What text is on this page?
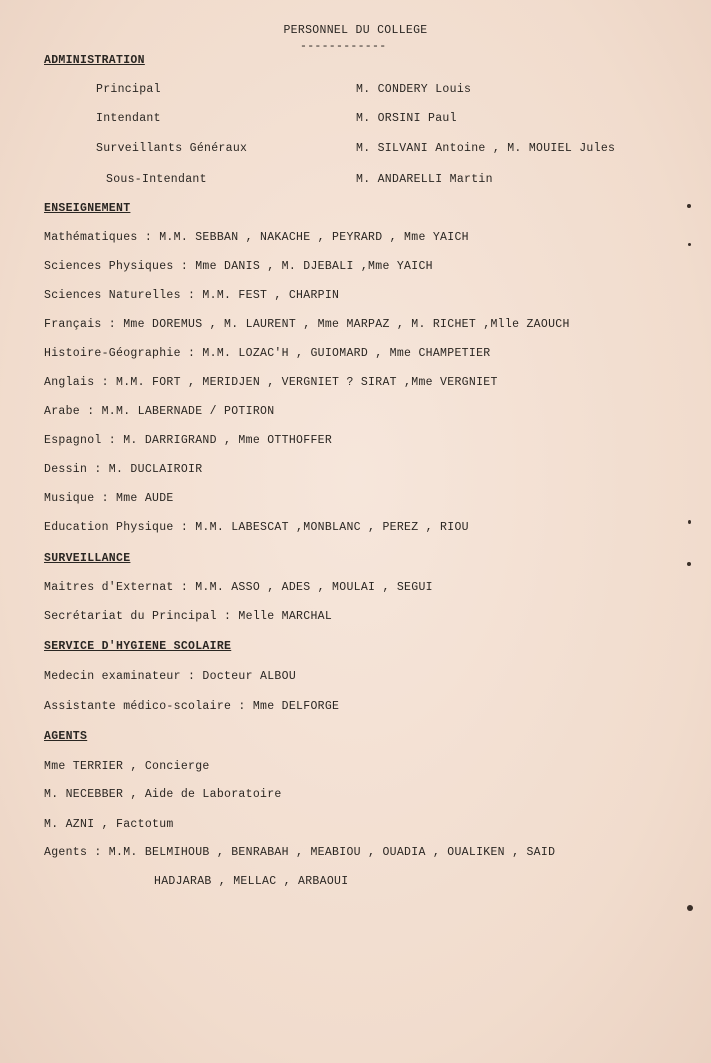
PERSONNEL DU COLLEGE
------------
ADMINISTRATION
Principal	M. CONDERY Louis
Intendant	M. ORSINI Paul
Surveillants Généraux	M. SILVANI Antoine , M. MOUIEL Jules
Sous-Intendant	M. ANDARELLI Martin
ENSEIGNEMENT
Mathématiques : M.M. SEBBAN , NAKACHE , PEYRARD , Mme YAICH
Sciences Physiques : Mme DANIS , M. DJEBALI ,Mme YAICH
Sciences Naturelles : M.M. FEST , CHARPIN
Français : Mme DOREMUS , M. LAURENT , Mme MARPAZ , M. RICHET ,Mlle ZAOUCH
Histoire-Géographie : M.M. LOZAC'H , GUIOMARD , Mme CHAMPETIER
Anglais : M.M. FORT , MERIDJEN , VERGNIET ? SIRAT ,Mme VERGNIET
Arabe : M.M. LABERNADE / POTIRON
Espagnol : M. DARRIGRAND , Mme OTTHOFFER
Dessin : M. DUCLAIROIR
Musique : Mme AUDE
Education Physique : M.M. LABESCAT ,MONBLANC , PEREZ , RIOU
SURVEILLANCE
Maitres d'Externat : M.M. ASSO , ADES , MOULAI , SEGUI
Secrétariat du Principal : Melle MARCHAL
SERVICE D'HYGIENE SCOLAIRE
Medecin examinateur : Docteur ALBOU
Assistante médico-scolaire : Mme DELFORGE
AGENTS
Mme TERRIER , Concierge
M. NECEBBER , Aide de Laboratoire
M. AZNI , Factotum
Agents : M.M. BELMIHOUB , BENRABAH , MEABIOU , OUADIA , OUALIKEN , SAID
HADJARAB , MELLAC , ARBAOUI
